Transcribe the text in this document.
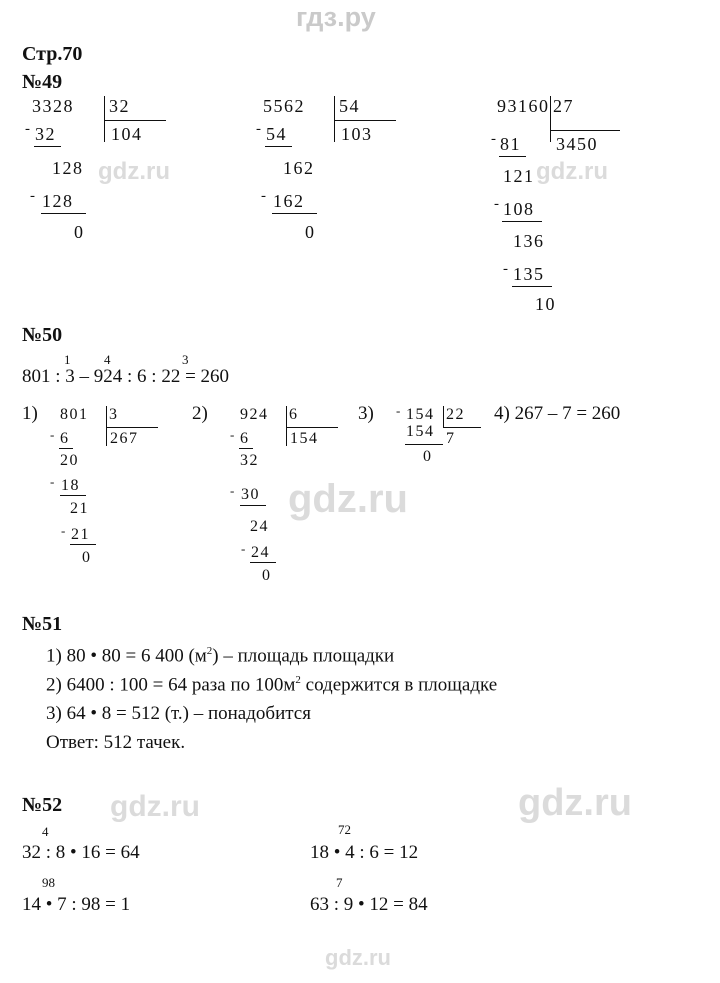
гдз.ру
gdz.ru	gdz.ru
gdz.ru
gdz.ru	gdz.ru
gdz.ru
Стр.70
№49
3328 32
104
- 32
128
- 128
0
5562 54
103
- 54
162
- 162
0
93160 27
3450
- 81
121
- 108
136
- 135
10
№50
1	4	3
801 : 3 – 924 : 6 : 22 = 260
1) 801 3
267
- 6
20
- 18
21
- 21
0
2) 924 6
154
- 6
32
- 30
24
- 24
0
3) - 154 22
154 7
0
4) 267 – 7 = 260
№51
1) 80 • 80 = 6 400 $(м^2)$ – площадь площадки
2) 6400 : 100 = 64 раза по $100м^2$ содержится в площадке
3) 64 • 8 = 512 (т.) – понадобится
Ответ: 512 тачек.
№52
4
32 : 8 • 16 = 64
72
18 • 4 : 6 = 12
98
14 • 7 : 98 = 1
7
63 : 9 • 12 = 84
